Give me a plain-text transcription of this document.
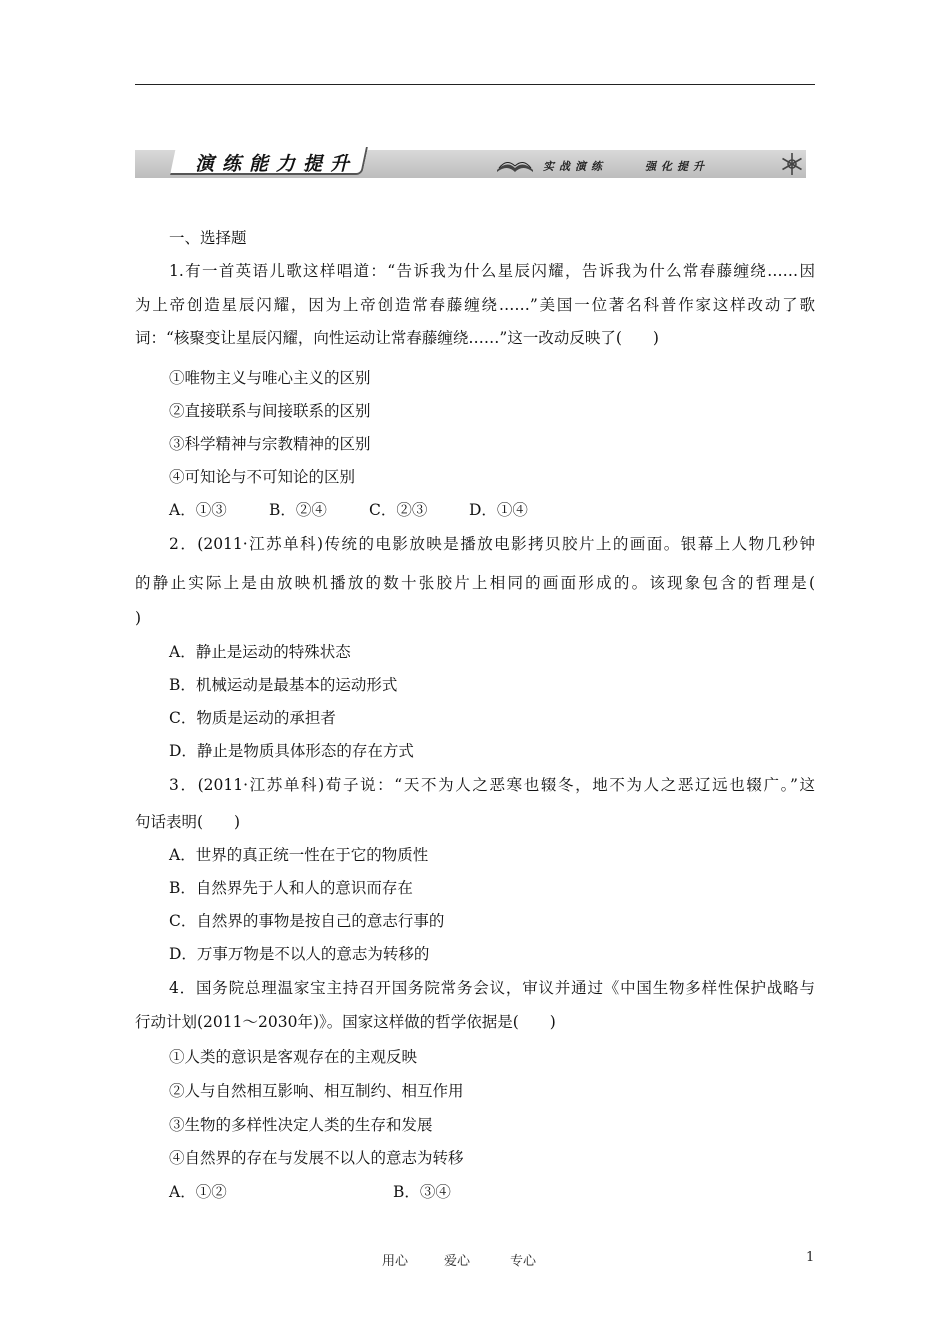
演练能力提升	实战演练	强化提升
一、选择题
1.有一首英语儿歌这样唱道：“告诉我为什么星辰闪耀，告诉我为什么常春藤缠绕……因
为上帝创造星辰闪耀，因为上帝创造常春藤缠绕……”美国一位著名科普作家这样改动了歌
词：“核聚变让星辰闪耀，向性运动让常春藤缠绕……”这一改动反映了(　　)
①唯物主义与唯心主义的区别
②直接联系与间接联系的区别
③科学精神与宗教精神的区别
④可知论与不可知论的区别
A．①③	B．②④	C．②③	D．①④
2．(2011·江苏单科)传统的电影放映是播放电影拷贝胶片上的画面。银幕上人物几秒钟
的静止实际上是由放映机播放的数十张胶片上相同的画面形成的。该现象包含的哲理是(
)
A．静止是运动的特殊状态
B．机械运动是最基本的运动形式
C．物质是运动的承担者
D．静止是物质具体形态的存在方式
3．(2011·江苏单科)荀子说：“天不为人之恶寒也辍冬，地不为人之恶辽远也辍广。”这
句话表明(　　)
A．世界的真正统一性在于它的物质性
B．自然界先于人和人的意识而存在
C．自然界的事物是按自己的意志行事的
D．万事万物是不以人的意志为转移的
4．国务院总理温家宝主持召开国务院常务会议，审议并通过《中国生物多样性保护战略与
行动计划(2011～2030年)》。国家这样做的哲学依据是(　　)
①人类的意识是客观存在的主观反映
②人与自然相互影响、相互制约、相互作用
③生物的多样性决定人类的生存和发展
④自然界的存在与发展不以人的意志为转移
A．①②	B．③④
用心	爱心	专心	1
